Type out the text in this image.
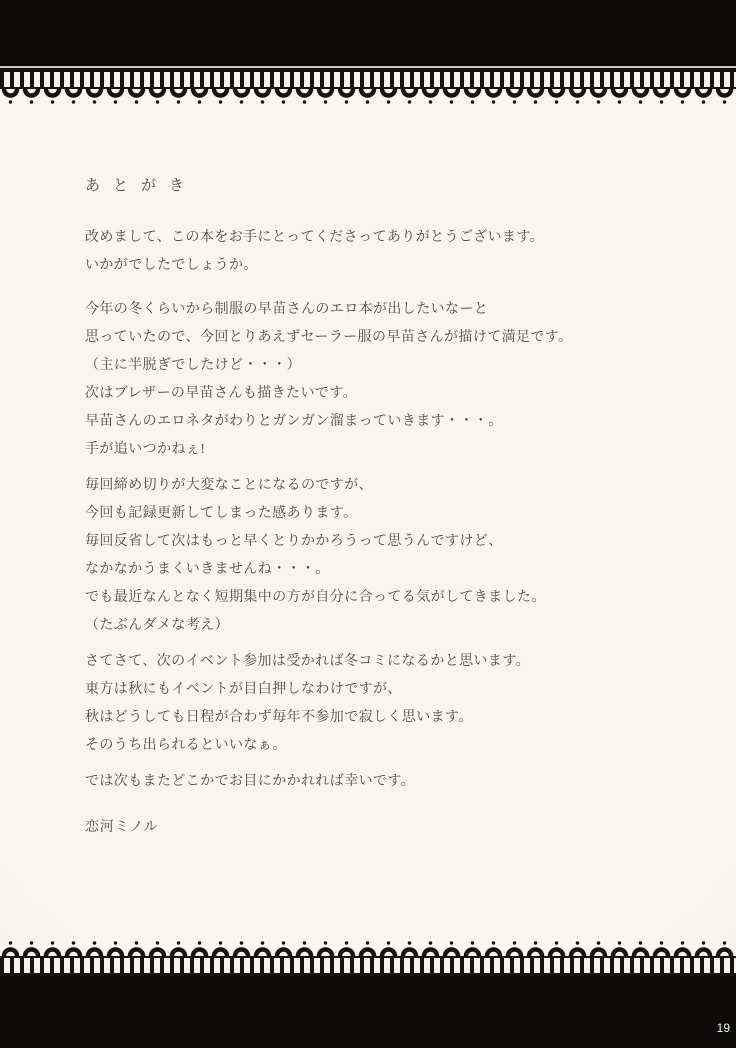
あとがき

改めまして、この本をお手にとってくださってありがとうございます。
いかがでしたでしょうか。

今年の冬くらいから制服の早苗さんのエロ本が出したいなーと
思っていたので、今回とりあえずセーラー服の早苗さんが描けて満足です。
（主に半脱ぎでしたけど・・・）
次はブレザーの早苗さんも描きたいです。
早苗さんのエロネタがわりとガンガン溜まっていきます・・・。
手が追いつかねぇ!

毎回締め切りが大変なことになるのですが、
今回も記録更新してしまった感あります。
毎回反省して次はもっと早くとりかかろうって思うんですけど、
なかなかうまくいきませんね・・・。
でも最近なんとなく短期集中の方が自分に合ってる気がしてきました。
（たぶんダメな考え）

さてさて、次のイベント参加は受かれば冬コミになるかと思います。
東方は秋にもイベントが目白押しなわけですが、
秋はどうしても日程が合わず毎年不参加で寂しく思います。
そのうち出られるといいなぁ。

では次もまたどこかでお目にかかれれば幸いです。

恋河ミノル
19
